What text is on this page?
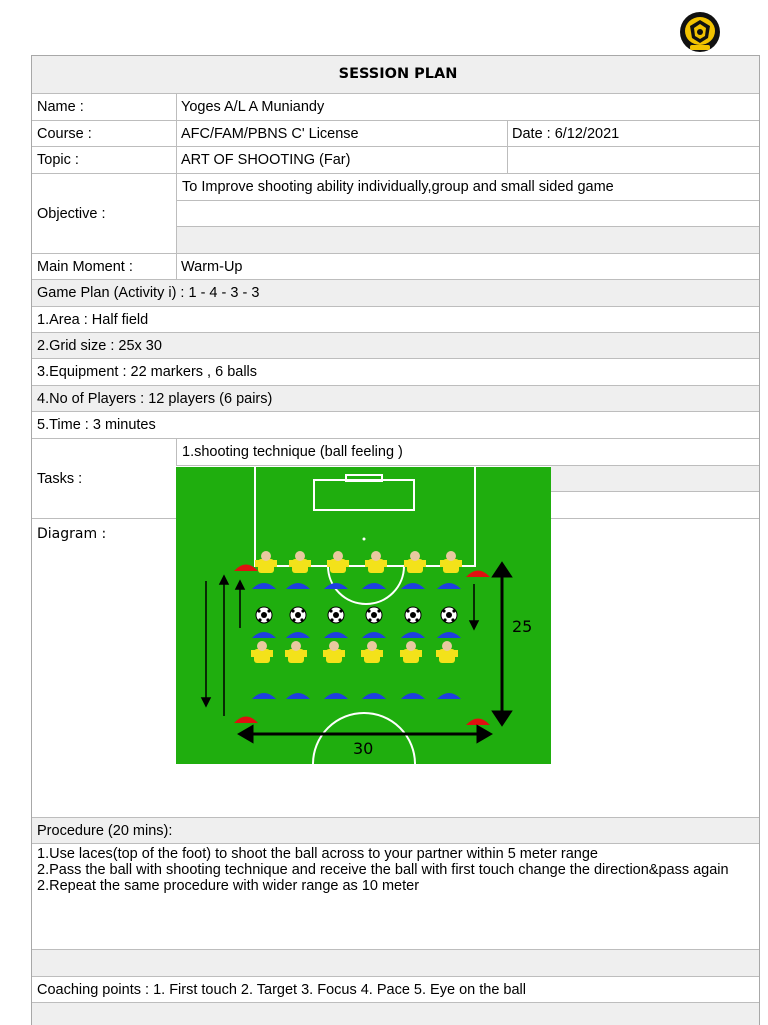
SESSION PLAN
Name :	Yoges A/L A Muniandy
Course :	AFC/FAM/PBNS C' License	Date : 6/12/2021
Topic :	ART OF SHOOTING (Far)
Objective :
To Improve shooting ability individually,group and small sided game
Main Moment :	Warm-Up
Game Plan (Activity i) : 1 - 4 - 3 - 3
1.Area : Half field
2.Grid size : 25x 30
3.Equipment : 22 markers , 6 balls
4.No of Players : 12 players (6 pairs)
5.Time : 3 minutes
Tasks :
1.shooting technique (ball feeling )
Diagram :
Procedure (20 mins):
1.Use laces(top of the foot) to shoot the ball across to your partner within 5 meter range
2.Pass the ball with shooting technique and receive the ball with first touch change the direction&pass again
2.Repeat the same procedure with wider range as 10 meter
Coaching points : 1. First touch 2. Target 3. Focus 4. Pace 5. Eye on the ball
25
30
